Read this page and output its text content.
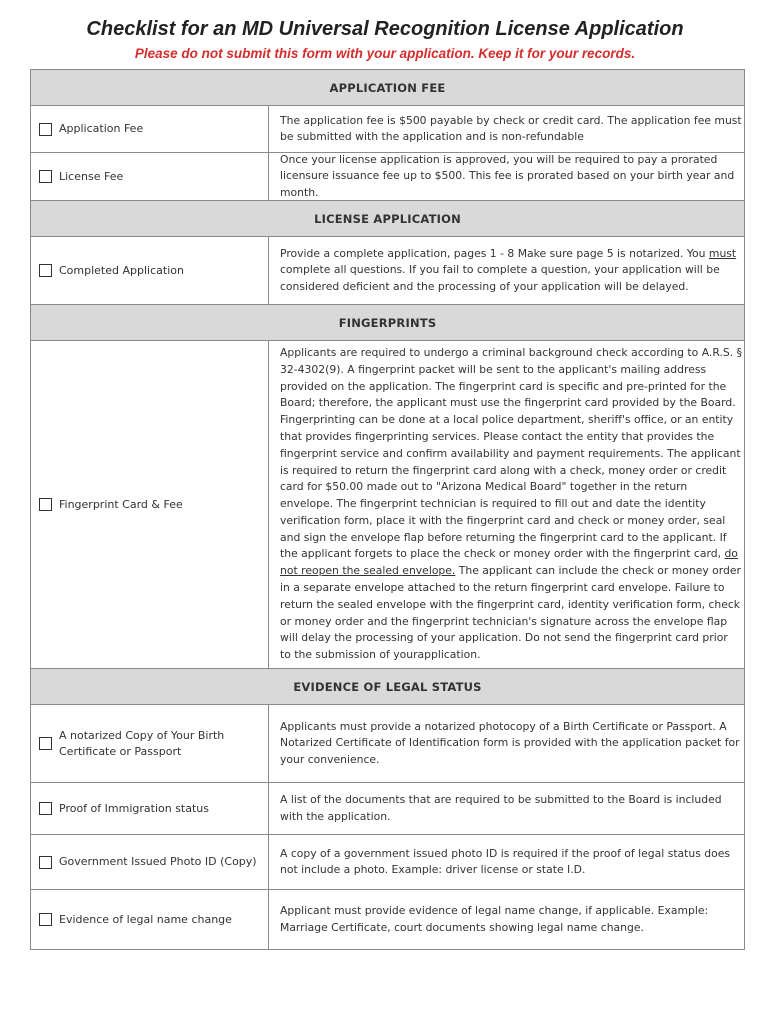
Checklist for an MD Universal Recognition License Application
Please do not submit this form with your application. Keep it for your records.
APPLICATION FEE
Application Fee
The application fee is $500 payable by check or credit card. The application fee must be submitted with the application and is non-refundable
License Fee
Once your license application is approved, you will be required to pay a prorated licensure issuance fee up to $500. This fee is prorated based on your birth year and month.
LICENSE APPLICATION
Completed Application
Provide a complete application, pages 1 - 8 Make sure page 5 is notarized. You must complete all questions. If you fail to complete a question, your application will be considered deficient and the processing of your application will be delayed.
FINGERPRINTS
Fingerprint Card & Fee
Applicants are required to undergo a criminal background check according to A.R.S. § 32-4302(9). A fingerprint packet will be sent to the applicant's mailing address provided on the application. The fingerprint card is specific and pre-printed for the Board; therefore, the applicant must use the fingerprint card provided by the Board. Fingerprinting can be done at a local police department, sheriff's office, or an entity that provides fingerprinting services. Please contact the entity that provides the fingerprint service and confirm availability and payment requirements. The applicant is required to return the fingerprint card along with a check, money order or credit card for $50.00 made out to "Arizona Medical Board" together in the return envelope. The fingerprint technician is required to fill out and date the identity verification form, place it with the fingerprint card and check or money order, seal and sign the envelope flap before returning the fingerprint card to the applicant. If the applicant forgets to place the check or money order with the fingerprint card, do not reopen the sealed envelope. The applicant can include the check or money order in a separate envelope attached to the return fingerprint card envelope. Failure to return the sealed envelope with the fingerprint card, identity verification form, check or money order and the fingerprint technician's signature across the envelope flap will delay the processing of your application. Do not send the fingerprint card prior to the submission of yourapplication.
EVIDENCE OF LEGAL STATUS
A notarized Copy of Your Birth Certificate or Passport
Applicants must provide a notarized photocopy of a Birth Certificate or Passport. A Notarized Certificate of Identification form is provided with the application packet for your convenience.
Proof of Immigration status
A list of the documents that are required to be submitted to the Board is included with the application.
Government Issued Photo ID (Copy)
A copy of a government issued photo ID is required if the proof of legal status does not include a photo. Example: driver license or state I.D.
Evidence of legal name change
Applicant must provide evidence of legal name change, if applicable. Example: Marriage Certificate, court documents showing legal name change.
